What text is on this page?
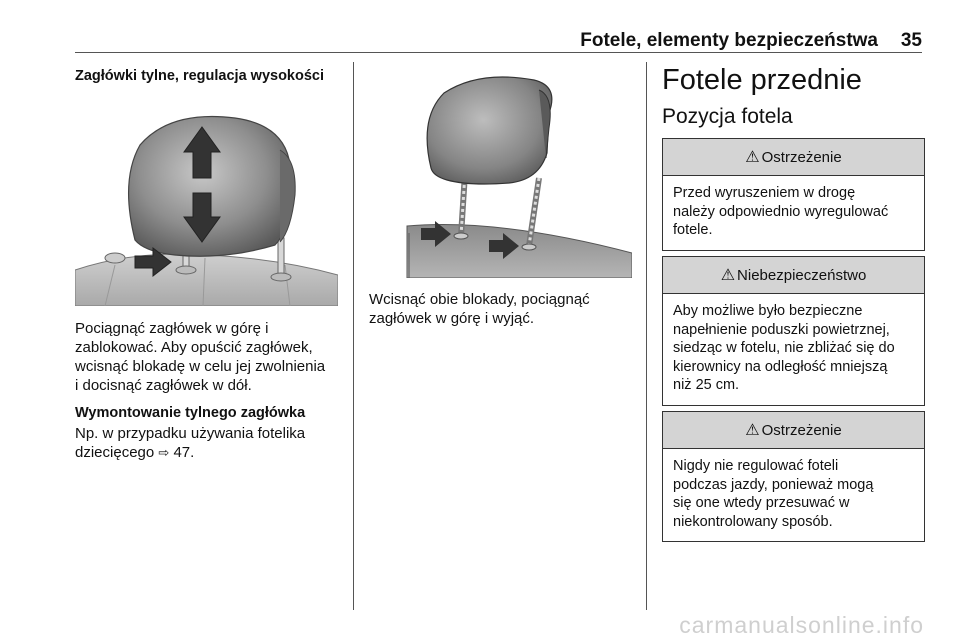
Fotele, elementy bezpieczeństwa 35
Zagłówki tylne, regulacja wysokości
Pociągnąć zagłówek w górę i
zablokować. Aby opuścić zagłówek,
wcisnąć blokadę w celu jej zwolnienia
i docisnąć zagłówek w dół.
Wymontowanie tylnego zagłówka
Np. w przypadku używania fotelika
dziecięcego ⇨ 47.
Wcisnąć obie blokady, pociągnąć
zagłówek w górę i wyjąć.
Fotele przednie
Pozycja fotela
⚠ Ostrzeżenie
Przed wyruszeniem w drogę
należy odpowiednio wyregulować
fotele.
⚠ Niebezpieczeństwo
Aby możliwe było bezpieczne
napełnienie poduszki powietrznej,
siedząc w fotelu, nie zbliżać się do
kierownicy na odległość mniejszą
niż 25 cm.
⚠ Ostrzeżenie
Nigdy nie regulować foteli
podczas jazdy, ponieważ mogą
się one wtedy przesuwać w
niekontrolowany sposób.
carmanualsonline.info
